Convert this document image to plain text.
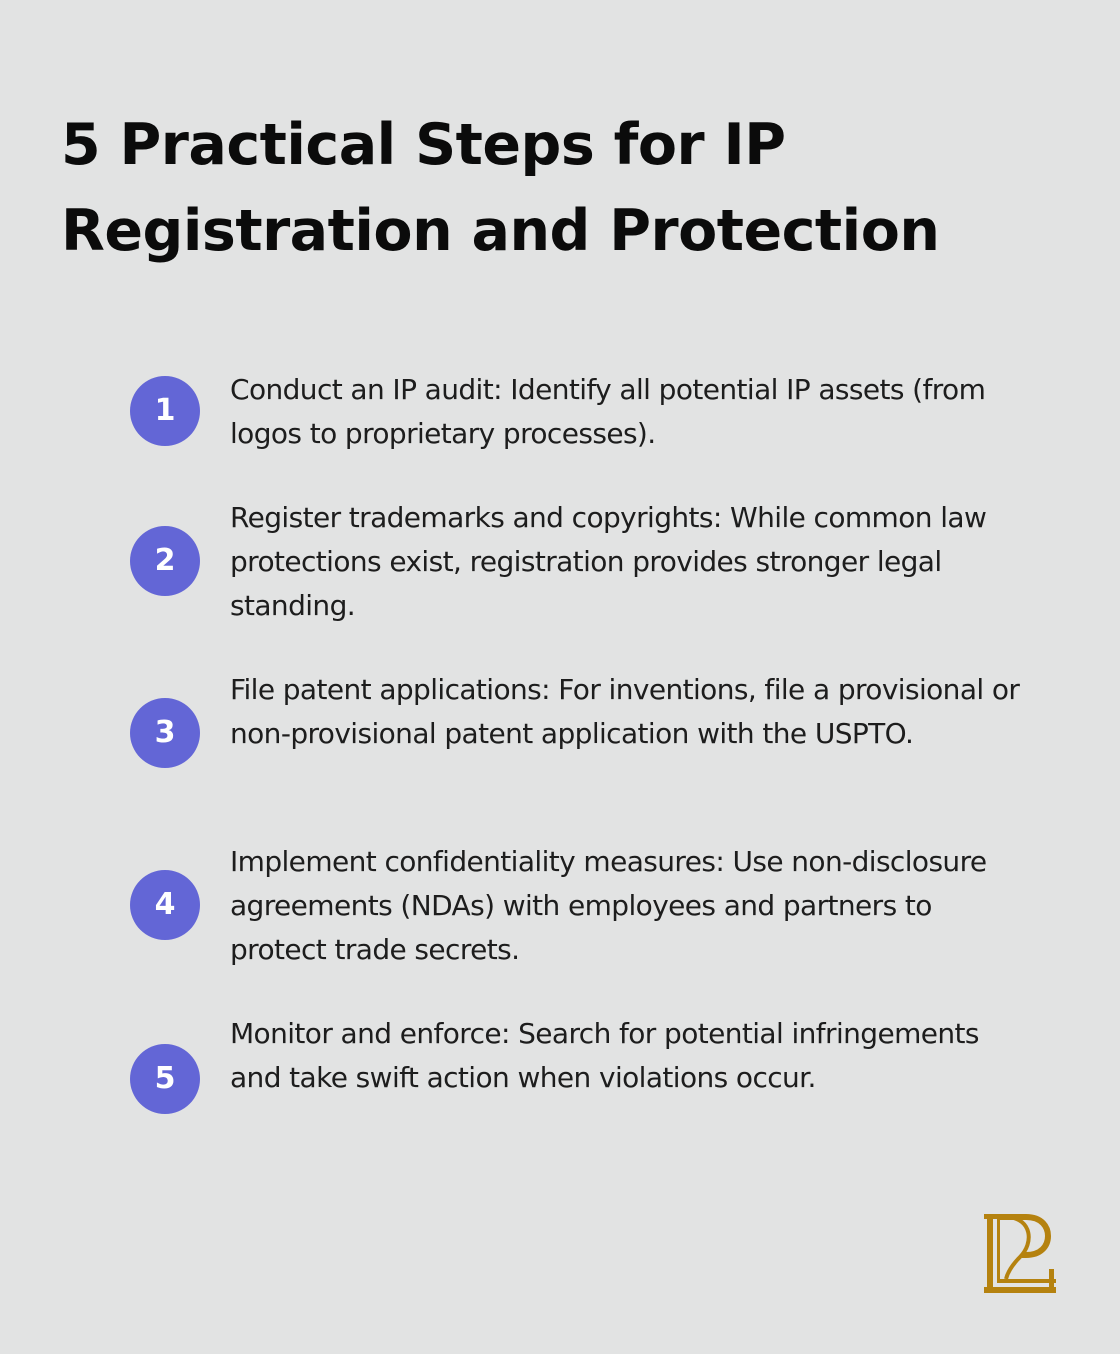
5 Practical Steps for IP Registration and Protection
1

Conduct an IP audit: Identify all potential IP assets (from logos to proprietary processes).

2

Register trademarks and copyrights: While common law protections exist, registration provides stronger legal standing.

3

File patent applications: For inventions, file a provisional or non-provisional patent application with the USPTO.

4

Implement confidentiality measures: Use non-disclosure agreements (NDAs) with employees and partners to protect trade secrets.

5

Monitor and enforce: Search for potential infringements and take swift action when violations occur.
